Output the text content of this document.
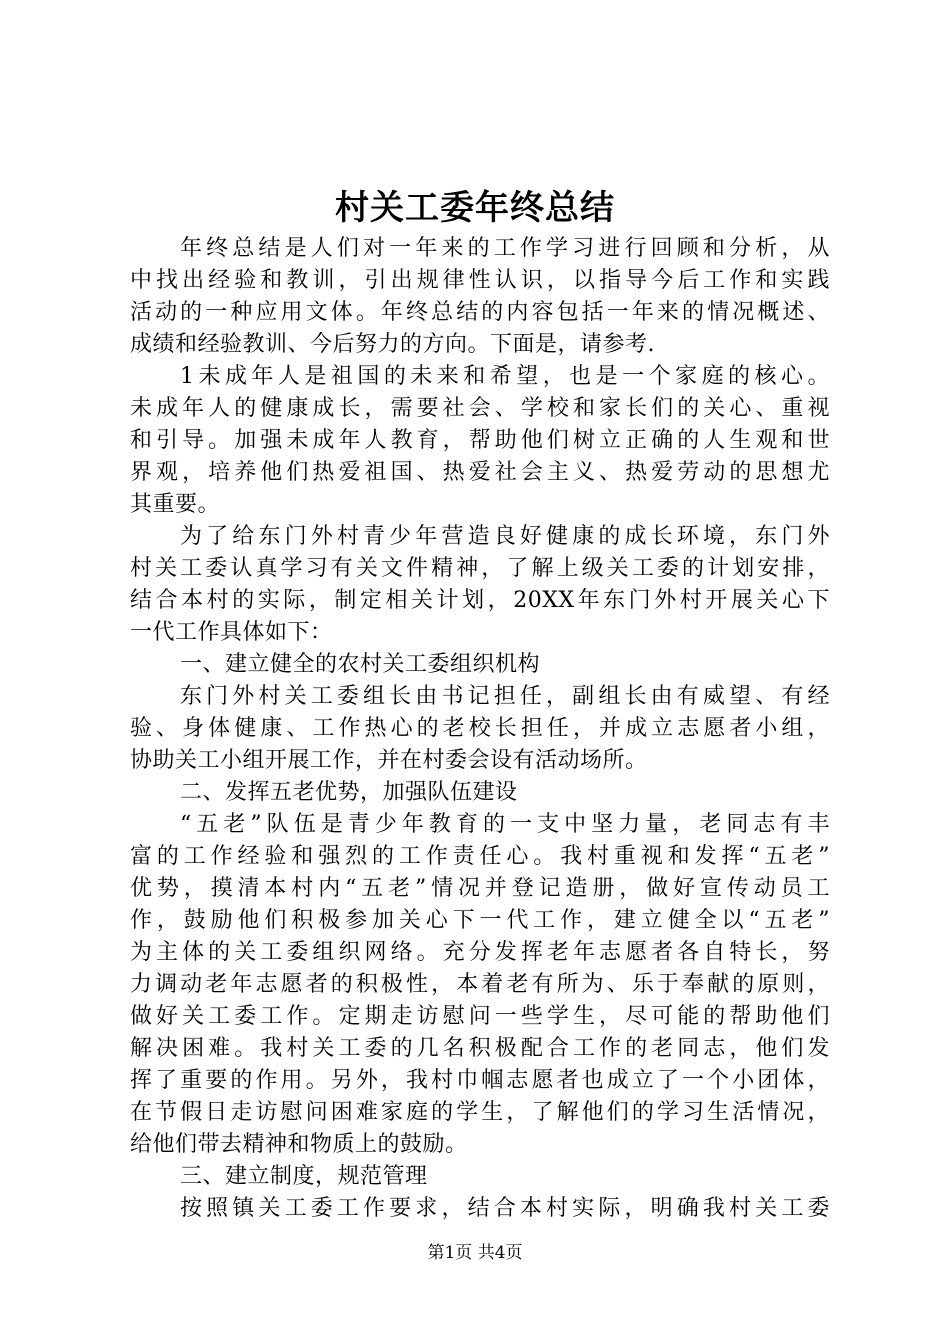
村关工委年终总结
年终总结是人们对一年来的工作学习进行回顾和分析，从
中找出经验和教训，引出规律性认识，以指导今后工作和实践
活动的一种应用文体。年终总结的内容包括一年来的情况概述、
成绩和经验教训、今后努力的方向。下面是，请参考.
1未成年人是祖国的未来和希望，也是一个家庭的核心。
未成年人的健康成长，需要社会、学校和家长们的关心、重视
和引导。加强未成年人教育，帮助他们树立正确的人生观和世
界观，培养他们热爱祖国、热爱社会主义、热爱劳动的思想尤
其重要。
为了给东门外村青少年营造良好健康的成长环境，东门外
村关工委认真学习有关文件精神，了解上级关工委的计划安排，
结合本村的实际，制定相关计划，20XX年东门外村开展关心下
一代工作具体如下：
一、建立健全的农村关工委组织机构
东门外村关工委组长由书记担任，副组长由有威望、有经
验、身体健康、工作热心的老校长担任，并成立志愿者小组，
协助关工小组开展工作，并在村委会设有活动场所。
二、发挥五老优势，加强队伍建设
“五老”队伍是青少年教育的一支中坚力量，老同志有丰
富的工作经验和强烈的工作责任心。我村重视和发挥“五老”
优势，摸清本村内“五老”情况并登记造册，做好宣传动员工
作，鼓励他们积极参加关心下一代工作，建立健全以“五老”
为主体的关工委组织网络。充分发挥老年志愿者各自特长，努
力调动老年志愿者的积极性，本着老有所为、乐于奉献的原则，
做好关工委工作。定期走访慰问一些学生，尽可能的帮助他们
解决困难。我村关工委的几名积极配合工作的老同志，他们发
挥了重要的作用。另外，我村巾帼志愿者也成立了一个小团体，
在节假日走访慰问困难家庭的学生，了解他们的学习生活情况，
给他们带去精神和物质上的鼓励。
三、建立制度，规范管理
按照镇关工委工作要求，结合本村实际，明确我村关工委
第1页 共4页
